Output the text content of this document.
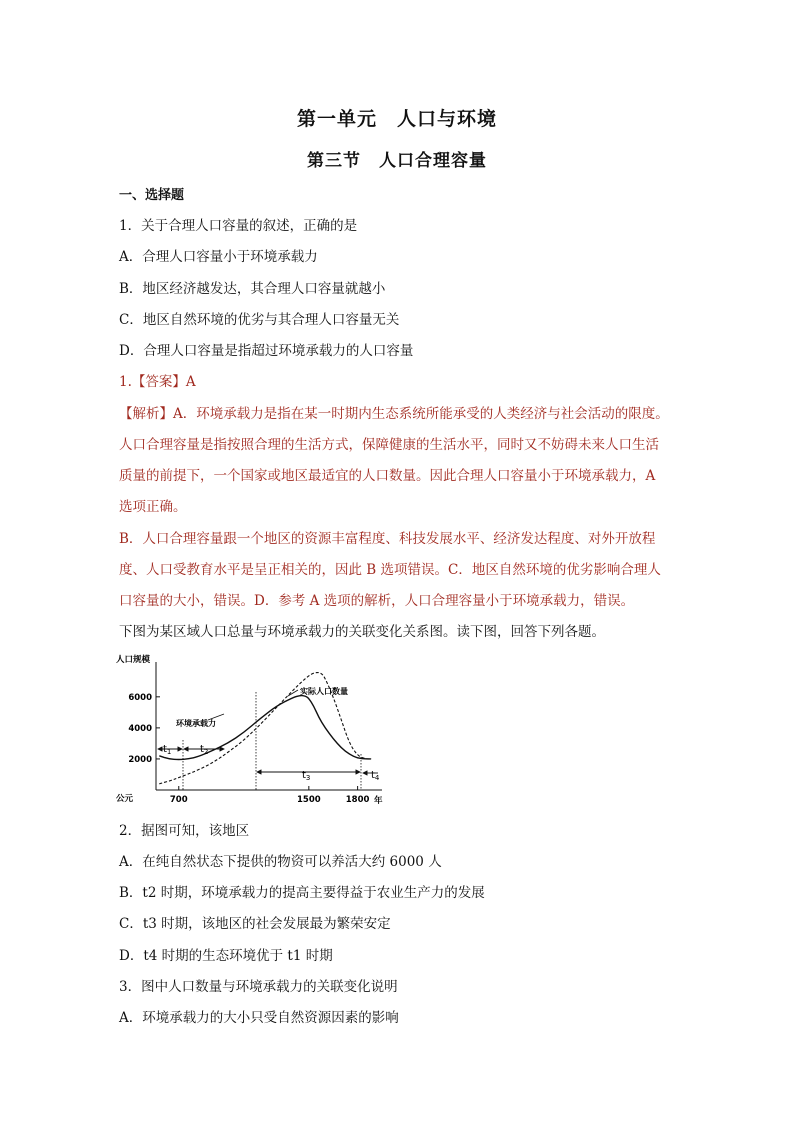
第一单元　人口与环境
第三节　人口合理容量
一、选择题
1．关于合理人口容量的叙述，正确的是
A．合理人口容量小于环境承载力
B．地区经济越发达，其合理人口容量就越小
C．地区自然环境的优劣与其合理人口容量无关
D．合理人口容量是指超过环境承载力的人口容量
1.【答案】A
【解析】A．环境承载力是指在某一时期内生态系统所能承受的人类经济与社会活动的限度。
人口合理容量是指按照合理的生活方式，保障健康的生活水平，同时又不妨碍未来人口生活
质量的前提下，一个国家或地区最适宜的人口数量。因此合理人口容量小于环境承载力，A
选项正确。
B．人口合理容量跟一个地区的资源丰富程度、科技发展水平、经济发达程度、对外开放程
度、人口受教育水平是呈正相关的，因此 B 选项错误。C．地区自然环境的优劣影响合理人
口容量的大小，错误。D．参考 A 选项的解析，人口合理容量小于环境承载力，错误。
下图为某区域人口总量与环境承载力的关联变化关系图。读下图，回答下列各题。
人口规模
公元	年
2000
4000
6000
700	1500	1800
环境承载力
实际人口数量
$t_1$	$t_2$
$t_3$	$t_4$
2．据图可知，该地区
A．在纯自然状态下提供的物资可以养活大约 6000 人
B．t2 时期，环境承载力的提高主要得益于农业生产力的发展
C．t3 时期，该地区的社会发展最为繁荣安定
D．t4 时期的生态环境优于 t1 时期
3．图中人口数量与环境承载力的关联变化说明
A．环境承载力的大小只受自然资源因素的影响
